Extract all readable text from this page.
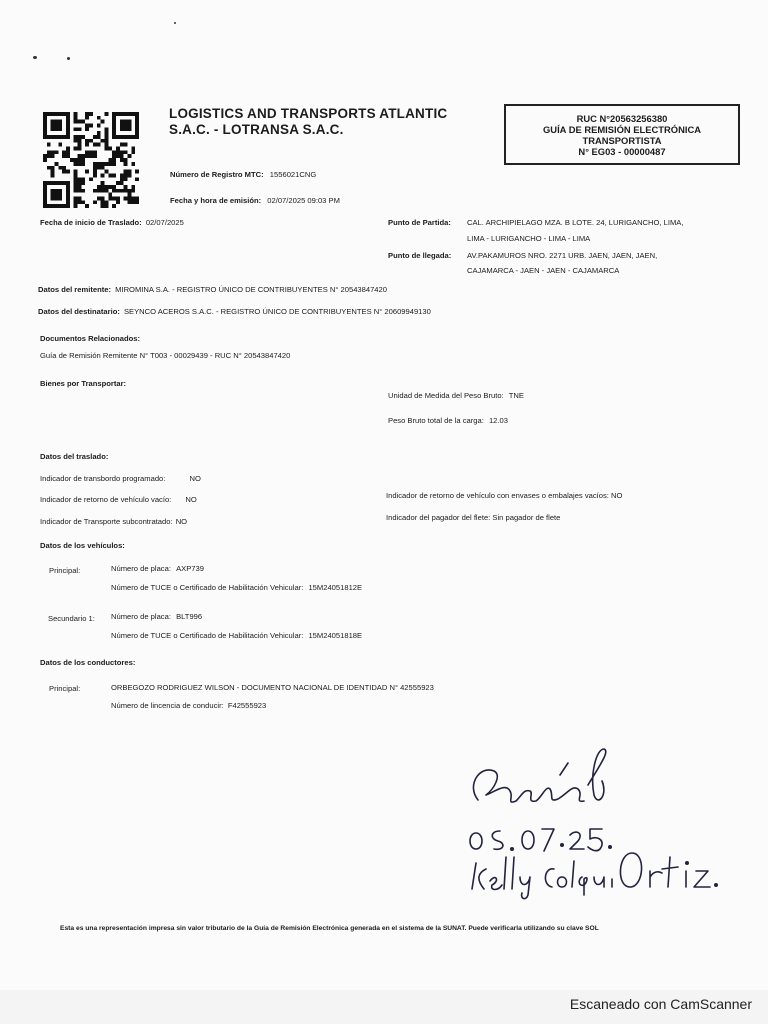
LOGISTICS AND TRANSPORTS ATLANTIC
S.A.C. - LOTRANSA S.A.C.
RUC N°20563256380
GUÍA DE REMISIÓN ELECTRÓNICA
TRANSPORTISTA
N° EG03 - 00000487
Número de Registro MTC: 1556021CNG
Fecha y hora de emisión: 02/07/2025 09:03 PM
Fecha de inicio de Traslado: 02/07/2025	Punto de Partida: CAL. ARCHIPIELAGO MZA. B LOTE. 24, LURIGANCHO, LIMA,
LIMA - LURIGANCHO - LIMA - LIMA
Punto de llegada: AV.PAKAMUROS NRO. 2271 URB. JAEN, JAEN, JAEN,
CAJAMARCA - JAEN - JAEN - CAJAMARCA
Datos del remitente: MIROMINA S.A. - REGISTRO ÚNICO DE CONTRIBUYENTES N° 20543847420
Datos del destinatario: SEYNCO ACEROS S.A.C. - REGISTRO ÚNICO DE CONTRIBUYENTES N° 20609949130
Documentos Relacionados:
Guía de Remisión Remitente N° T003 - 00029439 - RUC N° 20543847420
Bienes por Transportar:
Unidad de Medida del Peso Bruto: TNE
Peso Bruto total de la carga: 12.03
Datos del traslado:
Indicador de transbordo programado:	NO
Indicador de retorno de vehículo vacío: NO
Indicador de Transporte subcontratado: NO
Indicador de retorno de vehículo con envases o embalajes vacíos: NO
Indicador del pagador del flete: Sin pagador de flete
Datos de los vehículos:
Principal:	Número de placa: AXP739
Número de TUCE o Certificado de Habilitación Vehicular: 15M24051812E
Secundario 1: Número de placa: BLT996
Número de TUCE o Certificado de Habilitación Vehicular: 15M24051818E
Datos de los conductores:
Principal:	ORBEGOZO RODRIGUEZ WILSON - DOCUMENTO NACIONAL DE IDENTIDAD N° 42555923
Número de lincencia de conducir: F42555923
Esta es una representación impresa sin valor tributario de la Guía de Remisión Electrónica generada en el sistema de la SUNAT. Puede verificarla utilizando su clave SOL
Escaneado con CamScanner
